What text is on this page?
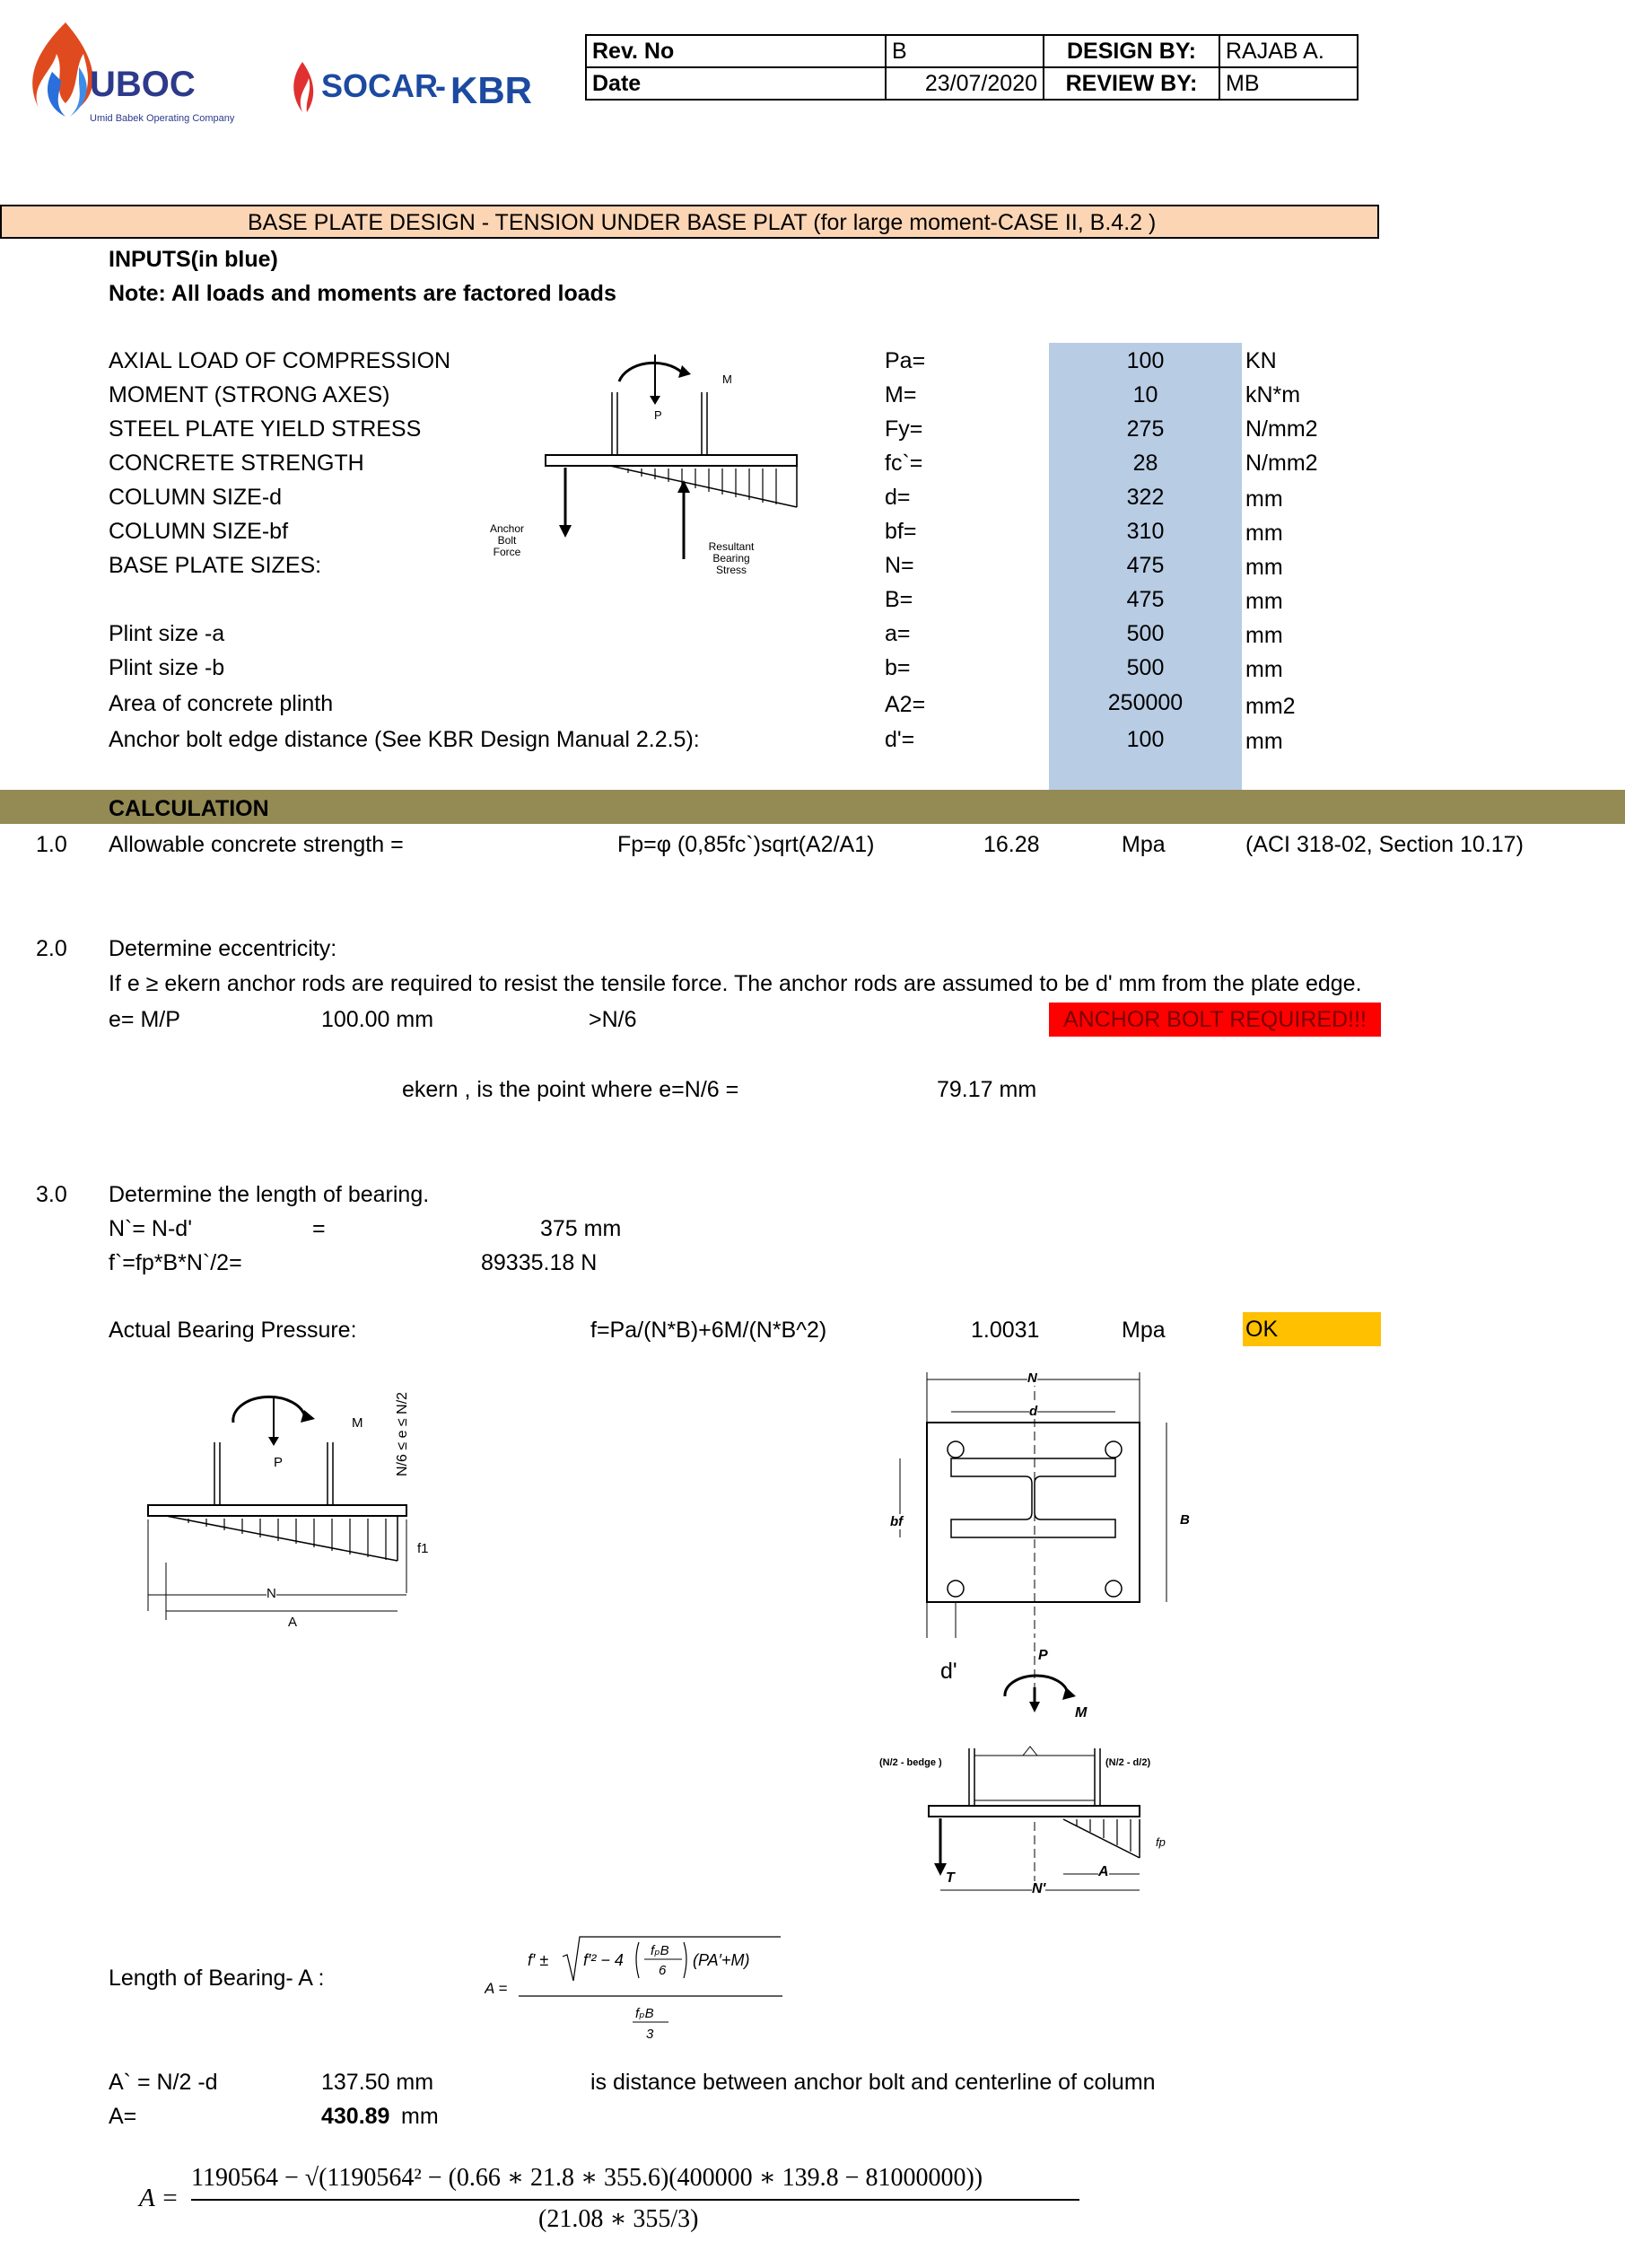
UBOC
Umid Babek Operating Company
SOCAR
- KBR
Rev. No	B	DESIGN BY:	RAJAB A.
Date	23/07/2020	REVIEW BY:	MB
BASE PLATE DESIGN - TENSION UNDER BASE PLAT (for large moment-CASE II, B.4.2 )
INPUTS(in blue)
Note: All loads and moments are factored loads
AXIAL LOAD OF COMPRESSION	Pa=	100	KN
MOMENT (STRONG AXES)	M=	10	kN*m
STEEL PLATE YIELD STRESS	Fy=	275	N/mm2
CONCRETE STRENGTH	fc`=	28	N/mm2
COLUMN SIZE-d	d=	322	mm
COLUMN SIZE-bf	bf=	310	mm
BASE PLATE SIZES:	N=	475	mm
B=	475	mm
Plint size -a	a=	500	mm
Plint size -b	b=	500	mm
Area of concrete plinth	A2=	250000	mm2
Anchor bolt edge distance (See KBR Design Manual 2.2.5):	d'=	100	mm
M
P
Anchor
Bolt
Force	Resultant
Bearing
Stress
CALCULATION
1.0 Allowable concrete strength =	Fp=φ (0,85fc`)sqrt(A2/A1)	16.28	Mpa	(ACI 318-02, Section 10.17)
2.0 Determine eccentricity:
If e ≥ ekern anchor rods are required to resist the tensile force. The anchor rods are assumed to be d' mm from the plate edge.
e= M/P	100.00 mm	>N/6	ANCHOR BOLT REQUIRED!!!
ekern , is the point where e=N/6 =	79.17 mm
3.0 Determine the length of bearing.
N`= N-d'	=	375 mm
f`=fp*B*N`/2=	89335.18 N
Actual Bearing Pressure:	f=Pa/(N*B)+6M/(N*B^2)	1.0031	Mpa	OK
M
P
f1
N
A
N/6 ≤ e ≤ N/2
N
d
bf	B
d'
P
M
(N/2 - bedge )	(N/2 - d/2)
fp
T	A
N'
Length of Bearing- A :	A =
f′ ± f′² − 4
fₚB
6
(PA′+M)
fₚB
3
A` = N/2 -d	137.50 mm	is distance between anchor bolt and centerline of column
A=	430.89 mm
A =
1190564 − √(1190564² − (0.66 ∗ 21.8 ∗ 355.6)(400000 ∗ 139.8 − 81000000))
(21.08 ∗ 355/3)
